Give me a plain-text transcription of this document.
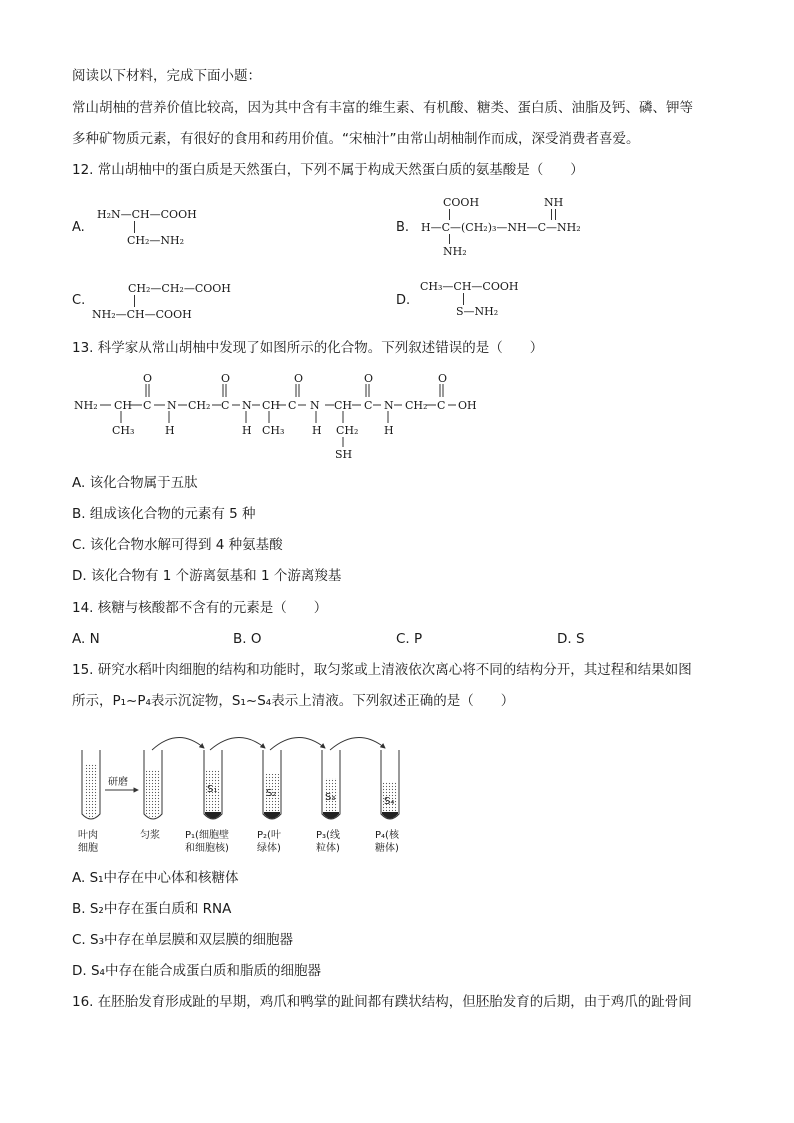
阅读以下材料，完成下面小题：
常山胡柚的营养价值比较高，因为其中含有丰富的维生素、有机酸、糖类、蛋白质、油脂及钙、磷、钾等
多种矿物质元素，有很好的食用和药用价值。“宋柚汁”由常山胡柚制作而成，深受消费者喜爱。
12. 常山胡柚中的蛋白质是天然蛋白，下列不属于构成天然蛋白质的氨基酸是（　　）
A.
H₂N—CH—COOH
CH₂—NH₂
B.
COOH	NH
H—C—(CH₂)₃—NH—C—NH₂
NH₂
C.
CH₂—CH₂—COOH
NH₂—CH—COOH
D.
CH₃—CH—COOH
S—NH₂
13. 科学家从常山胡柚中发现了如图所示的化合物。下列叙述错误的是（　　）
NH₂ CH C N CH₂ C N CH C N CH C N CH₂ C OH
O	O	O	O	O
CH₃	H	H CH₃	H CH₂ H
SH
A. 该化合物属于五肽
B. 组成该化合物的元素有 5 种
C. 该化合物水解可得到 4 种氨基酸
D. 该化合物有 1 个游离氨基和 1 个游离羧基
14. 核糖与核酸都不含有的元素是（　　）
A. N	B. O	C. P	D. S
15. 研究水稻叶肉细胞的结构和功能时，取匀浆或上清液依次离心将不同的结构分开，其过程和结果如图
所示，P₁~P₄表示沉淀物，S₁~S₄表示上清液。下列叙述正确的是（　　）
研磨
S₁	S₂	S₃	S₄
叶肉
细胞
匀浆	P₁(细胞壁
和细胞核)
P₂(叶
绿体)
P₃(线
粒体)
P₄(核
糖体)
A. S₁中存在中心体和核糖体
B. S₂中存在蛋白质和 RNA
C. S₃中存在单层膜和双层膜的细胞器
D. S₄中存在能合成蛋白质和脂质的细胞器
16. 在胚胎发育形成趾的早期，鸡爪和鸭掌的趾间都有蹼状结构，但胚胎发育的后期，由于鸡爪的趾骨间
